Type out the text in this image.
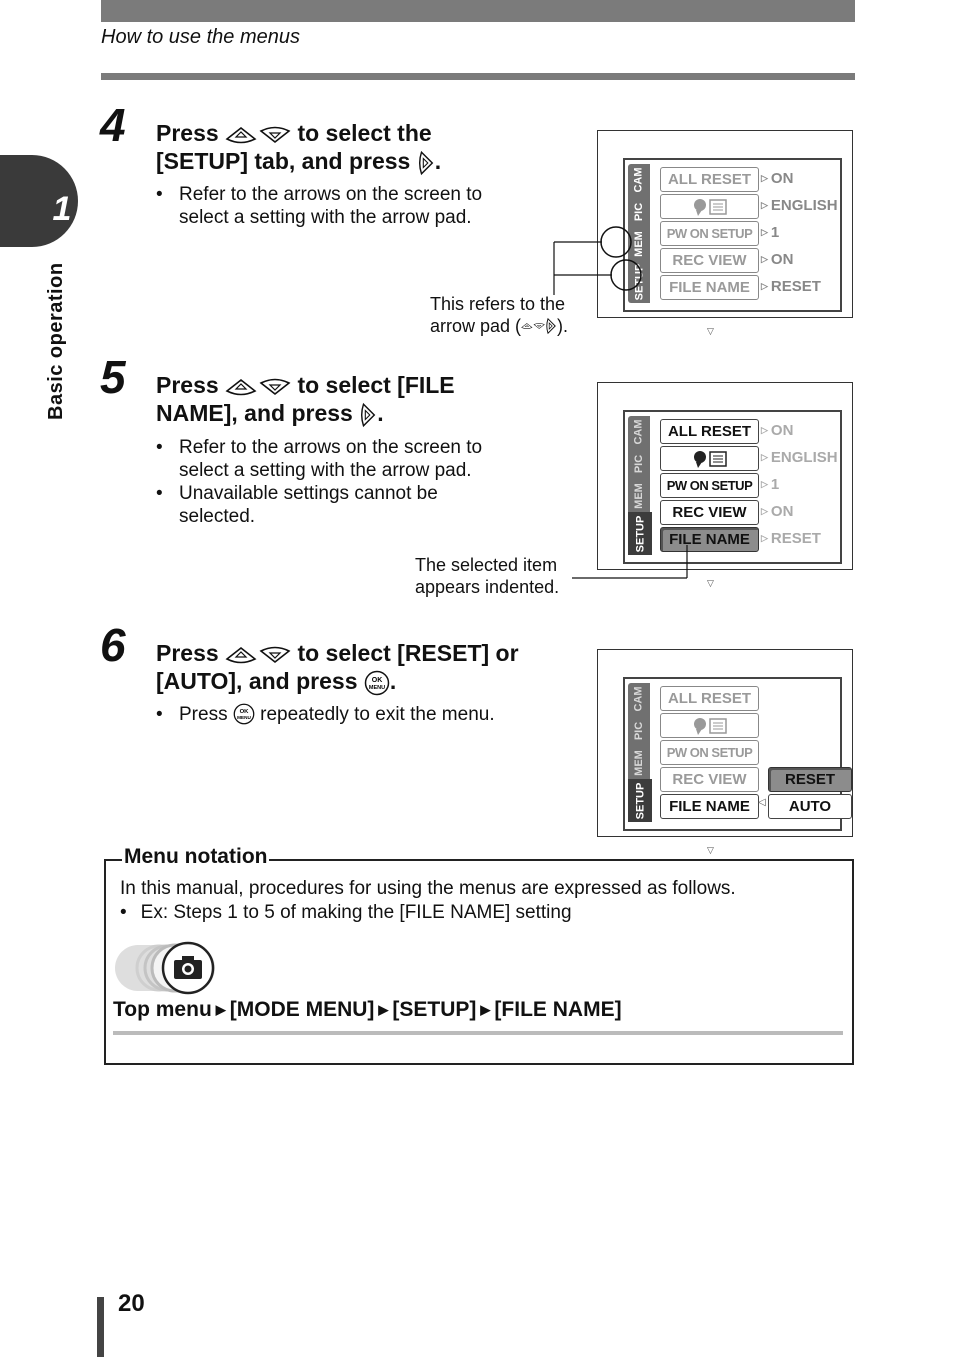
How to use the menus
1
Basic operation
4 Press	to select the
[SETUP] tab, and press .
• Refer to the arrows on the screen to select a setting with the arrow pad.
CAM
PIC
MEM
SETUP
ALL RESET
PW ON SETUP
REC VIEW
FILE NAME
▷ ON
▷ ENGLISH
▷ 1
▷ ON
▷ RESET
▽
This refers to the
arrow pad ( ).
5 Press	to select [FILE
NAME], and press .
• Refer to the arrows on the screen to select a setting with the arrow pad.
• Unavailable settings cannot be selected.
CAM
PIC
MEM
SETUP
ALL RESET
PW ON SETUP
REC VIEW
FILE NAME
▷ ON
▷ ENGLISH
▷ 1
▷ ON
▷ RESET
▽
The selected item
appears indented.
6 Press	to select [RESET] or
[AUTO], and press OK
MENU .
• Press OK
MENU repeatedly to exit the menu.
CAM
PIC
MEM
SETUP
ALL RESET
PW ON SETUP
REC VIEW
FILE NAME
RESET
AUTO
◁
▽
Menu notation
In this manual, procedures for using the menus are expressed as follows.
• Ex: Steps 1 to 5 of making the [FILE NAME] setting
Top menu ▶ [MODE MENU] ▶ [SETUP] ▶ [FILE NAME]
20
